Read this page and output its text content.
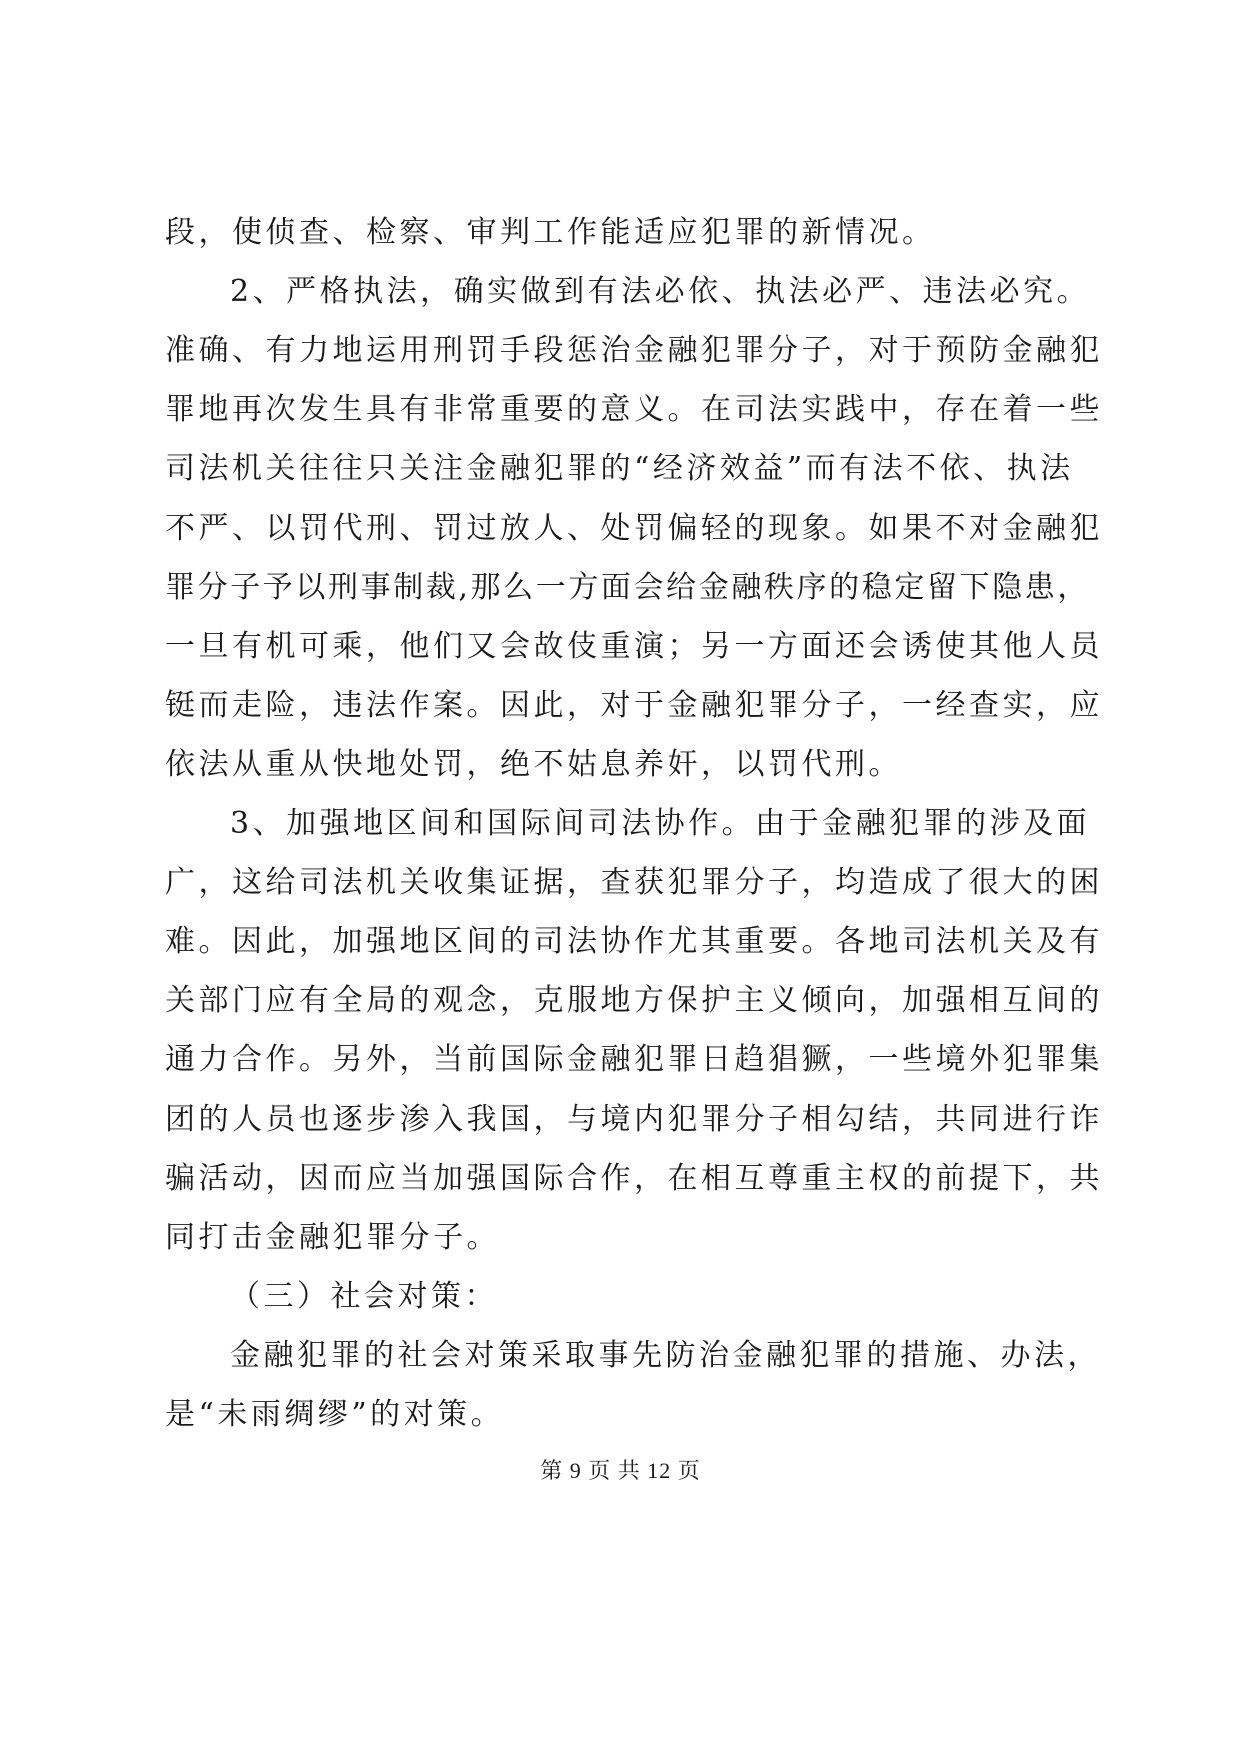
段，使侦查、检察、审判工作能适应犯罪的新情况。
2、严格执法，确实做到有法必依、执法必严、违法必究。
准确、有力地运用刑罚手段惩治金融犯罪分子，对于预防金融犯
罪地再次发生具有非常重要的意义。在司法实践中，存在着一些
司法机关往往只关注金融犯罪的“经济效益”而有法不依、执法
不严、以罚代刑、罚过放人、处罚偏轻的现象。如果不对金融犯
罪分子予以刑事制裁,那么一方面会给金融秩序的稳定留下隐患，
一旦有机可乘，他们又会故伎重演；另一方面还会诱使其他人员
铤而走险，违法作案。因此，对于金融犯罪分子，一经查实，应
依法从重从快地处罚，绝不姑息养奸，以罚代刑。
3、加强地区间和国际间司法协作。由于金融犯罪的涉及面
广，这给司法机关收集证据，查获犯罪分子，均造成了很大的困
难。因此，加强地区间的司法协作尤其重要。各地司法机关及有
关部门应有全局的观念，克服地方保护主义倾向，加强相互间的
通力合作。另外，当前国际金融犯罪日趋猖獗，一些境外犯罪集
团的人员也逐步渗入我国，与境内犯罪分子相勾结，共同进行诈
骗活动，因而应当加强国际合作，在相互尊重主权的前提下，共
同打击金融犯罪分子。
（三）社会对策：
金融犯罪的社会对策采取事先防治金融犯罪的措施、办法，
是“未雨绸缪”的对策。
第 9 页 共 12 页
